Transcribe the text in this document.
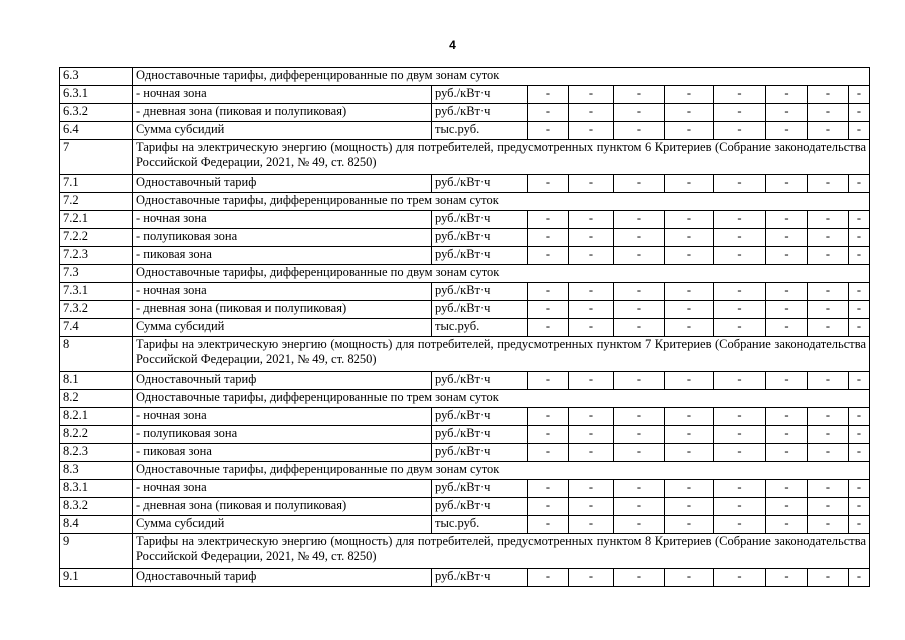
4
6.3	Одноставочные тарифы, дифференцированные по двум зонам суток									
6.3.1	- ночная зона	руб./кВт·ч	-	-	-	-	-	-	-	-
6.3.2	- дневная зона (пиковая и полупиковая)	руб./кВт·ч	-	-	-	-	-	-	-	-
6.4	Сумма субсидий	тыс.руб.	-	-	-	-	-	-	-	-
7	Тарифы на электрическую энергию (мощность) для потребителей, предусмотренных пунктом 6 Критериев (Собрание законодательства Российской Федерации, 2021, № 49, ст. 8250)									
7.1	Одноставочный тариф	руб./кВт·ч	-	-	-	-	-	-	-	-
7.2	Одноставочные тарифы, дифференцированные по трем зонам суток									
7.2.1	- ночная зона	руб./кВт·ч	-	-	-	-	-	-	-	-
7.2.2	- полупиковая зона	руб./кВт·ч	-	-	-	-	-	-	-	-
7.2.3	- пиковая зона	руб./кВт·ч	-	-	-	-	-	-	-	-
7.3	Одноставочные тарифы, дифференцированные по двум зонам суток									
7.3.1	- ночная зона	руб./кВт·ч	-	-	-	-	-	-	-	-
7.3.2	- дневная зона (пиковая и полупиковая)	руб./кВт·ч	-	-	-	-	-	-	-	-
7.4	Сумма субсидий	тыс.руб.	-	-	-	-	-	-	-	-
8	Тарифы на электрическую энергию (мощность) для потребителей, предусмотренных пунктом 7 Критериев (Собрание законодательства Российской Федерации, 2021, № 49, ст. 8250)									
8.1	Одноставочный тариф	руб./кВт·ч	-	-	-	-	-	-	-	-
8.2	Одноставочные тарифы, дифференцированные по трем зонам суток									
8.2.1	- ночная зона	руб./кВт·ч	-	-	-	-	-	-	-	-
8.2.2	- полупиковая зона	руб./кВт·ч	-	-	-	-	-	-	-	-
8.2.3	- пиковая зона	руб./кВт·ч	-	-	-	-	-	-	-	-
8.3	Одноставочные тарифы, дифференцированные по двум зонам суток									
8.3.1	- ночная зона	руб./кВт·ч	-	-	-	-	-	-	-	-
8.3.2	- дневная зона (пиковая и полупиковая)	руб./кВт·ч	-	-	-	-	-	-	-	-
8.4	Сумма субсидий	тыс.руб.	-	-	-	-	-	-	-	-
9	Тарифы на электрическую энергию (мощность) для потребителей, предусмотренных пунктом 8 Критериев (Собрание законодательства Российской Федерации, 2021, № 49, ст. 8250)									
9.1	Одноставочный тариф	руб./кВт·ч	-	-	-	-	-	-	-	-
